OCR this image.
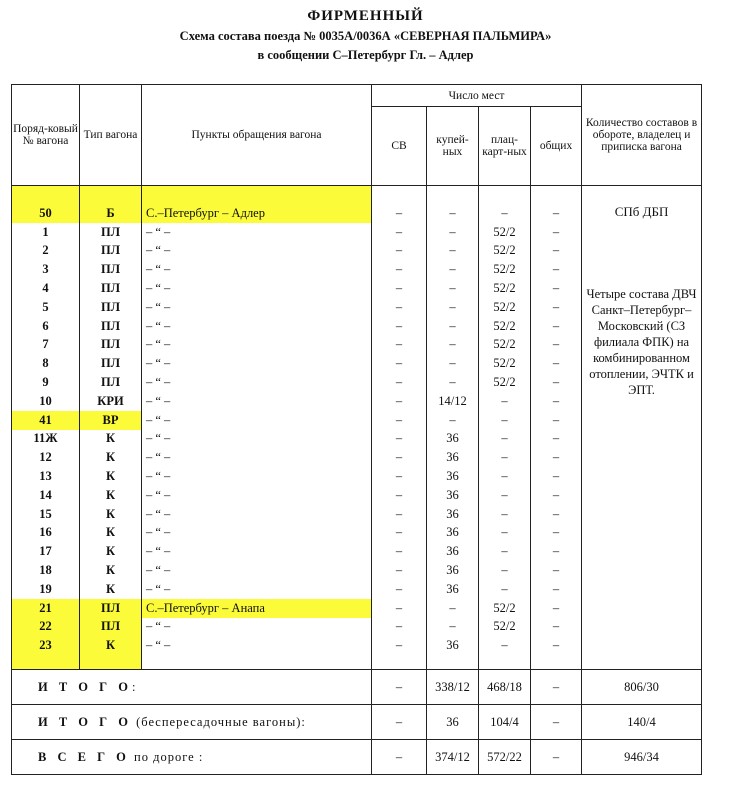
ФИРМЕННЫЙ
Схема состава поезда № 0035А/0036А «СЕВЕРНАЯ ПАЛЬМИРА»
в сообщении С–Петербург Гл. – Адлер
Поряд-ковый № вагона	Тип вагона	Пункты обращения вагона	Число мест				Количество составов в обороте, владелец и приписка вагона
			СВ	купей-ных	плац-карт-ных	общих	
50	Б	С.–Петербург – Адлер	–	–	–	–	СПб ДБП
Четыре состава ДВЧ Санкт–Петербург–Московский (СЗ филиала ФПК) на комбинированном отоплении, ЭЧТК и ЭПТ.

1	ПЛ	– “ –	–	–	52/2	–	
2	ПЛ	– “ –	–	–	52/2	–	
3	ПЛ	– “ –	–	–	52/2	–	
4	ПЛ	– “ –	–	–	52/2	–	
5	ПЛ	– “ –	–	–	52/2	–	
6	ПЛ	– “ –	–	–	52/2	–	
7	ПЛ	– “ –	–	–	52/2	–	
8	ПЛ	– “ –	–	–	52/2	–	
9	ПЛ	– “ –	–	–	52/2	–	
10	КРИ	– “ –	–	14/12	–	–	
41	ВР	– “ –	–	–	–	–	
11Ж	К	– “ –	–	36	–	–	
12	К	– “ –	–	36	–	–	
13	К	– “ –	–	36	–	–	
14	К	– “ –	–	36	–	–	
15	К	– “ –	–	36	–	–	
16	К	– “ –	–	36	–	–	
17	К	– “ –	–	36	–	–	
18	К	– “ –	–	36	–	–	
19	К	– “ –	–	36	–	–	
21	ПЛ	С.–Петербург – Анапа	–	–	52/2	–	
22	ПЛ	– “ –	–	–	52/2	–	
23	К	– “ –	–	36	–	–	
И Т О Г О:			–	338/12	468/18	–	806/30
И Т О Г О (беспересадочные вагоны):			–	36	104/4	–	140/4
В С Е Г О по дороге :			–	374/12	572/22	–	946/34
